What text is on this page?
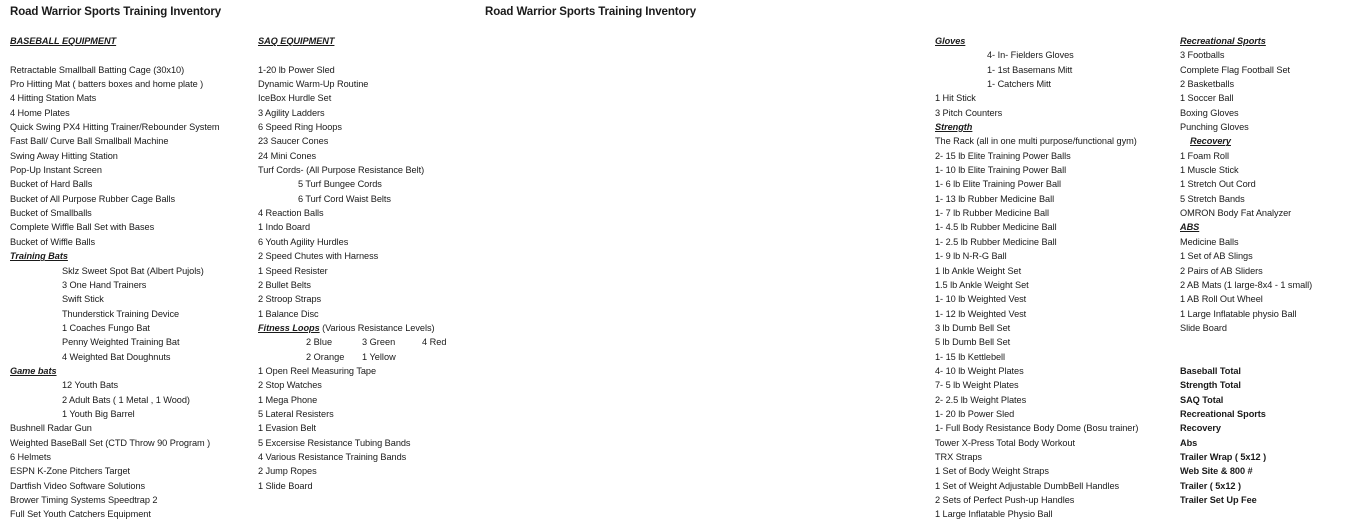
Road Warrior Sports Training Inventory
BASEBALL EQUIPMENT
Retractable Smallball Batting Cage (30x10)
Pro Hitting Mat ( batters boxes and home plate )
4 Hitting Station Mats
4 Home Plates
Quick Swing PX4 Hitting Trainer/Rebounder System
Fast Ball/ Curve Ball Smallball Machine
Swing Away Hitting Station
Pop-Up Instant Screen
Bucket of Hard Balls
Bucket of All Purpose Rubber Cage Balls
Bucket of Smallballs
Complete Wiffle Ball Set with Bases
Bucket of Wiffle Balls
Training Bats
Sklz Sweet Spot Bat (Albert Pujols)
3 One Hand Trainers
Swift Stick
Thunderstick Training Device
1 Coaches Fungo Bat
Penny Weighted Training Bat
4 Weighted Bat Doughnuts
Game bats
12 Youth Bats
2 Adult Bats ( 1 Metal , 1 Wood)
1 Youth Big Barrel
Bushnell Radar Gun
Weighted BaseBall Set (CTD Throw 90 Program )
6 Helmets
ESPN K-Zone Pitchers Target
Dartfish Video Software Solutions
Brower Timing Systems Speedtrap 2
Full Set Youth Catchers Equipment
SAQ EQUIPMENT
1-20 lb Power Sled
Dynamic Warm-Up Routine
IceBox Hurdle Set
3 Agility Ladders
6 Speed Ring Hoops
23 Saucer Cones
24 Mini Cones
Turf Cords- (All Purpose Resistance Belt)
5 Turf Bungee Cords
6 Turf Cord Waist Belts
4 Reaction Balls
1 Indo Board
6 Youth Agility Hurdles
2 Speed Chutes with Harness
1 Speed Resister
2 Bullet Belts
2 Stroop Straps
1 Balance Disc
Fitness Loops (Various Resistance Levels)
2 Blue	3 Green	4 Red
2 Orange 1 Yellow
1 Open Reel Measuring Tape
2 Stop Watches
1 Mega Phone
5 Lateral Resisters
1 Evasion Belt
5 Excersise Resistance Tubing Bands
4 Various Resistance Training Bands
2 Jump Ropes
1 Slide Board
Road Warrior Sports Training Inventory
Gloves
4- In- Fielders Gloves
1- 1st Basemans Mitt
1- Catchers Mitt
1 Hit Stick
3 Pitch Counters
Strength
The Rack (all in one multi purpose/functional gym)
2- 15 lb Elite Training Power Balls
1- 10 lb Elite Training Power Ball
1- 6 lb Elite Training Power Ball
1- 13 lb Rubber Medicine Ball
1- 7 lb Rubber Medicine Ball
1- 4.5 lb Rubber Medicine Ball
1- 2.5 lb Rubber Medicine Ball
1- 9 lb N-R-G Ball
1 lb Ankle Weight Set
1.5 lb Ankle Weight Set
1- 10 lb Weighted Vest
1- 12 lb Weighted Vest
3 lb Dumb Bell Set
5 lb Dumb Bell Set
1- 15 lb Kettlebell
4- 10 lb Weight Plates
7- 5 lb Weight Plates
2- 2.5 lb Weight Plates
1- 20 lb Power Sled
1- Full Body Resistance Body Dome (Bosu trainer)
Tower X-Press Total Body Workout
TRX Straps
1 Set of Body Weight Straps
1 Set of Weight Adjustable DumbBell Handles
2 Sets of Perfect Push-up Handles
1 Large Inflatable Physio Ball
Recreational Sports
3 Footballs
Complete Flag Football Set
2 Basketballs
1 Soccer Ball
Boxing Gloves
Punching Gloves
Recovery
1 Foam Roll
1 Muscle Stick
1 Stretch Out Cord
5 Stretch Bands
OMRON Body Fat Analyzer
ABS
Medicine Balls
1 Set of AB Slings
2 Pairs of AB Sliders
2 AB Mats (1 large-8x4 - 1 small)
1 AB Roll Out Wheel
1 Large Inflatable physio Ball
Slide Board
Baseball Total
Strength Total
SAQ Total
Recreational Sports
Recovery
Abs
Trailer Wrap ( 5x12 )
Web Site & 800 #
Trailer ( 5x12 )
Trailer Set Up Fee
